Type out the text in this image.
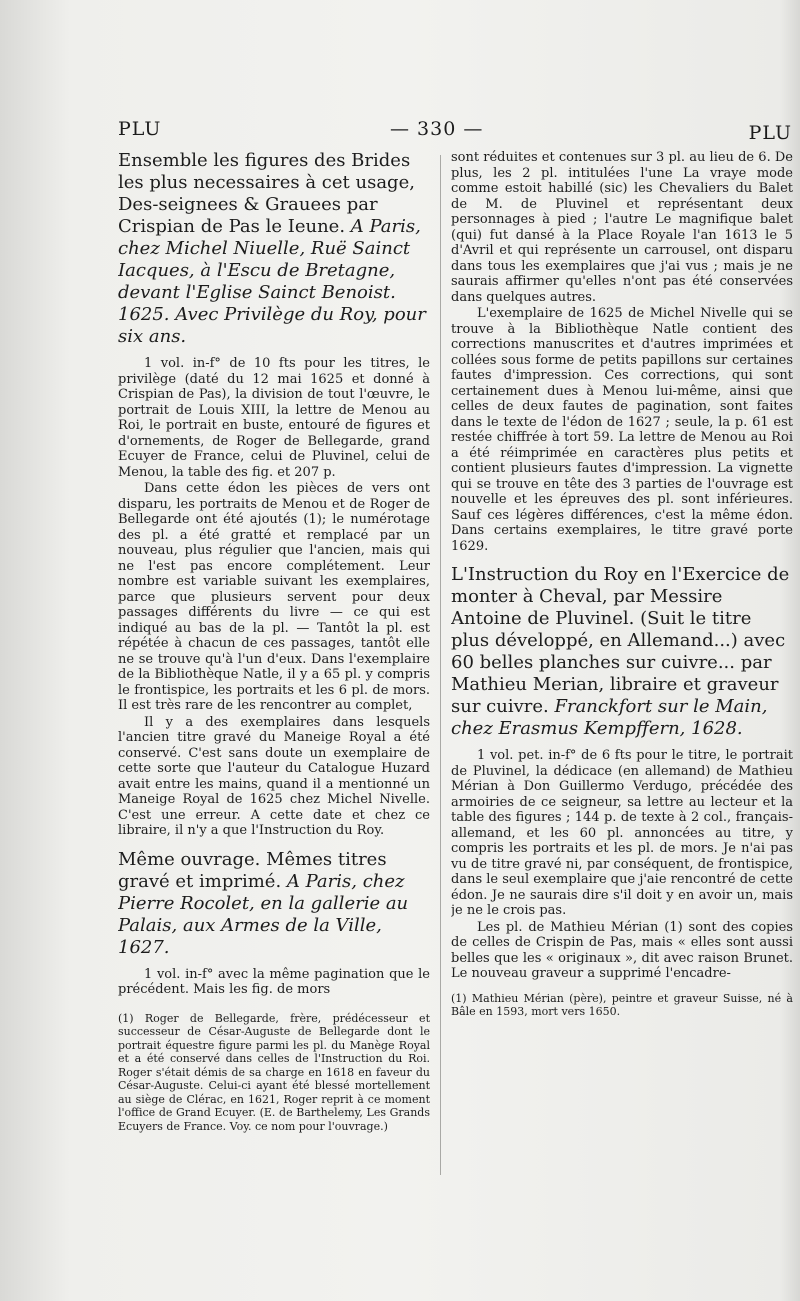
PLU	— 330 —	PLU
Ensemble les figures des Brides les plus necessaires à cet usage, Des-seignees & Grauees par Crispian de Pas le Ieune. A Paris, chez Michel Niuelle, Ruë Sainct Iacques, à l'Escu de Bretagne, devant l'Eglise Sainct Benoist. 1625. Avec Privilège du Roy, pour six ans.

1 vol. in-f° de 10 fts pour les titres, le privilège (daté du 12 mai 1625 et donné à Crispian de Pas), la division de tout l'œuvre, le portrait de Louis XIII, la lettre de Menou au Roi, le portrait en buste, entouré de figures et d'ornements, de Roger de Bellegarde, grand Ecuyer de France, celui de Pluvinel, celui de Menou, la table des fig. et 207 p.

Dans cette édon les pièces de vers ont disparu, les portraits de Menou et de Roger de Bellegarde ont été ajoutés (1); le numérotage des pl. a été gratté et remplacé par un nouveau, plus régulier que l'ancien, mais qui ne l'est pas encore complétement. Leur nombre est variable suivant les exemplaires, parce que plusieurs servent pour deux passages différents du livre — ce qui est indiqué au bas de la pl. — Tantôt la pl. est répétée à chacun de ces passages, tantôt elle ne se trouve qu'à l'un d'eux. Dans l'exemplaire de la Bibliothèque Natle, il y a 65 pl. y compris le frontispice, les portraits et les 6 pl. de mors. Il est très rare de les rencontrer au complet,

Il y a des exemplaires dans lesquels l'ancien titre gravé du Maneige Royal a été conservé. C'est sans doute un exemplaire de cette sorte que l'auteur du Catalogue Huzard avait entre les mains, quand il a mentionné un Maneige Royal de 1625 chez Michel Nivelle. C'est une erreur. A cette date et chez ce libraire, il n'y a que l'Instruction du Roy.

Même ouvrage. Mêmes titres gravé et imprimé. A Paris, chez Pierre Rocolet, en la gallerie au Palais, aux Armes de la Ville, 1627.

1 vol. in-f° avec la même pagination que le précédent. Mais les fig. de mors

(1) Roger de Bellegarde, frère, prédécesseur et successeur de César-Auguste de Bellegarde dont le portrait équestre figure parmi les pl. du Manège Royal et a été conservé dans celles de l'Instruction du Roi. Roger s'était démis de sa charge en 1618 en faveur du César-Auguste. Celui-ci ayant été blessé mortellement au siège de Clérac, en 1621, Roger reprit à ce moment l'office de Grand Ecuyer. (E. de Barthelemy, Les Grands Ecuyers de France. Voy. ce nom pour l'ouvrage.)

sont réduites et contenues sur 3 pl. au lieu de 6. De plus, les 2 pl. intitulées l'une La vraye mode comme estoit habillé (sic) les Chevaliers du Balet de M. de Pluvinel et représentant deux personnages à pied ; l'autre Le magnifique balet (qui) fut dansé à la Place Royale l'an 1613 le 5 d'Avril et qui représente un carrousel, ont disparu dans tous les exemplaires que j'ai vus ; mais je ne saurais affirmer qu'elles n'ont pas été conservées dans quelques autres.

L'exemplaire de 1625 de Michel Nivelle qui se trouve à la Bibliothèque Natle contient des corrections manuscrites et d'autres imprimées et collées sous forme de petits papillons sur certaines fautes d'impression. Ces corrections, qui sont certainement dues à Menou lui-même, ainsi que celles de deux fautes de pagination, sont faites dans le texte de l'édon de 1627 ; seule, la p. 61 est restée chiffrée à tort 59. La lettre de Menou au Roi a été réimprimée en caractères plus petits et contient plusieurs fautes d'impression. La vignette qui se trouve en tête des 3 parties de l'ouvrage est nouvelle et les épreuves des pl. sont inférieures. Sauf ces légères différences, c'est la même édon. Dans certains exemplaires, le titre gravé porte 1629.

L'Instruction du Roy en l'Exercice de monter à Cheval, par Messire Antoine de Pluvinel. (Suit le titre plus développé, en Allemand...) avec 60 belles planches sur cuivre... par Mathieu Merian, libraire et graveur sur cuivre. Franckfort sur le Main, chez Erasmus Kempffern, 1628.

1 vol. pet. in-f° de 6 fts pour le titre, le portrait de Pluvinel, la dédicace (en allemand) de Mathieu Mérian à Don Guillermo Verdugo, précédée des armoiries de ce seigneur, sa lettre au lecteur et la table des figures ; 144 p. de texte à 2 col., français-allemand, et les 60 pl. annoncées au titre, y compris les portraits et les pl. de mors. Je n'ai pas vu de titre gravé ni, par conséquent, de frontispice, dans le seul exemplaire que j'aie rencontré de cette édon. Je ne saurais dire s'il doit y en avoir un, mais je ne le crois pas.

Les pl. de Mathieu Mérian (1) sont des copies de celles de Crispin de Pas, mais « elles sont aussi belles que les « originaux », dit avec raison Brunet. Le nouveau graveur a supprimé l'encadre-

(1) Mathieu Mérian (père), peintre et graveur Suisse, né à Bâle en 1593, mort vers 1650.
